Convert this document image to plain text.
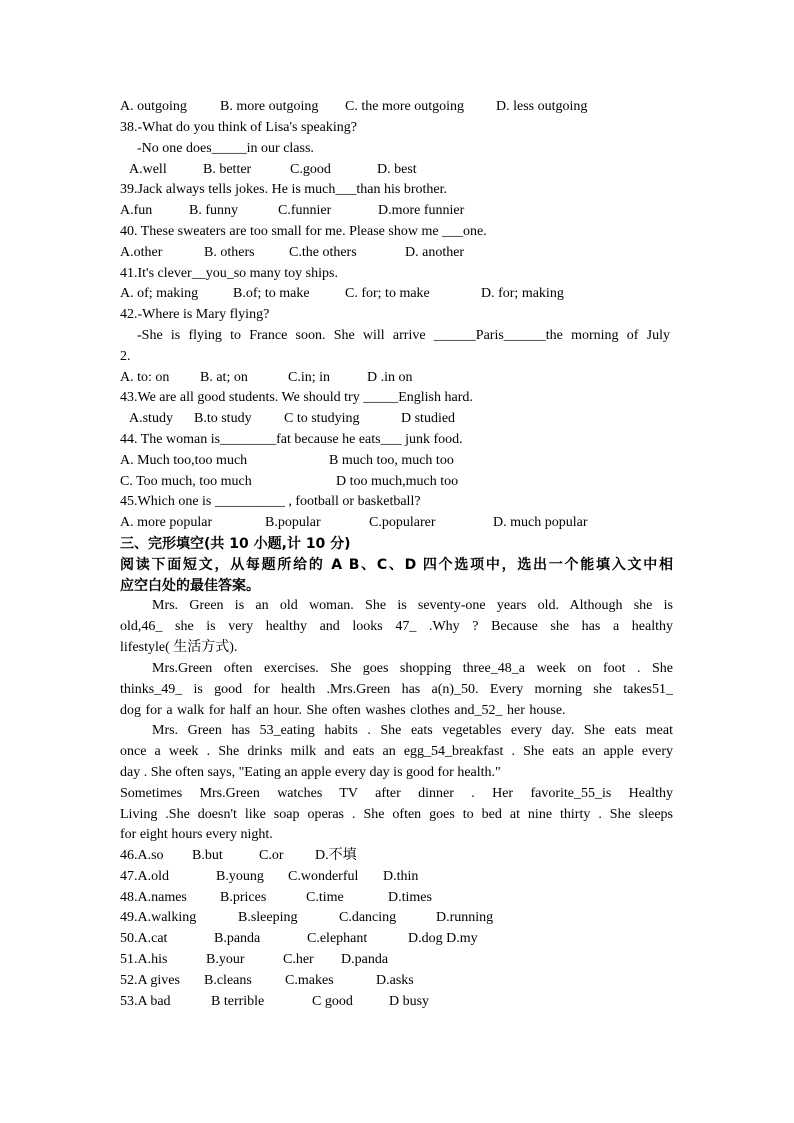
A. outgoing B. more outgoing C. the more outgoing D. less outgoing
38.-What do you think of Lisa's speaking?
-No one does_____in our class.
A.well	B. better	C.good	D. best
39.Jack always tells jokes. He is much___than his brother.
A.fun	B. funny	C.funnier	D.more funnier
40. These sweaters are too small for me. Please show me ___one.
A.other	B. others C.the others	D. another
41.It's clever__you_so many toy ships.
A. of; making B.of; to make	C. for; to make	D. for; making
42.-Where is Mary flying?
-She is flying to France soon. She will arrive ______Paris______the morning of July
2.
A. to: on B. at; on	C.in; in	D .in on
43.We are all good students. We should try _____English hard.
A.study B.to study C to studying	D studied
44. The woman is________fat because he eats___ junk food.
A. Much too,too much	B much too, much too
C. Too much, too much	D too much,much too
45.Which one is __________ , football or basketball?
A. more popular	B.popular	C.popularer	D. much popular
三、完形填空(共 10 小题,计 10 分)
阅读下面短文，从每题所给的 A B、C、D 四个选项中，选出一个能填入文中相
应空白处的最佳答案。
Mrs. Green is an old woman. She is seventy-one years old. Although she is
old,46_ she is very healthy and looks 47_ .Why ? Because she has a healthy
lifestyle( 生活方式).
Mrs.Green often exercises. She goes shopping three_48_a week on foot . She
thinks_49_ is good for health .Mrs.Green has a(n)_50. Every morning she takes51_
dog for a walk for half an hour. She often washes clothes and_52_ her house.
Mrs. Green has 53_eating habits . She eats vegetables every day. She eats meat
once a week . She drinks milk and eats an egg_54_breakfast . She eats an apple every
day . She often says, "Eating an apple every day is good for health."
Sometimes Mrs.Green watches TV after dinner . Her favorite_55_is Healthy
Living .She doesn't like soap operas . She often goes to bed at nine thirty . She sleeps
for eight hours every night.
46.A.so B.but	C.or D.不填
47.A.old	B.young C.wonderful D.thin
48.A.names B.prices	C.time	D.times
49.A.walking	B.sleeping	C.dancing	D.running
50.A.cat	B.panda	C.elephant	D.dog D.my
51.A.his	B.your	C.her D.panda
52.A gives B.cleans C.makes	D.asks
53.A bad	B terrible	C good	D busy
